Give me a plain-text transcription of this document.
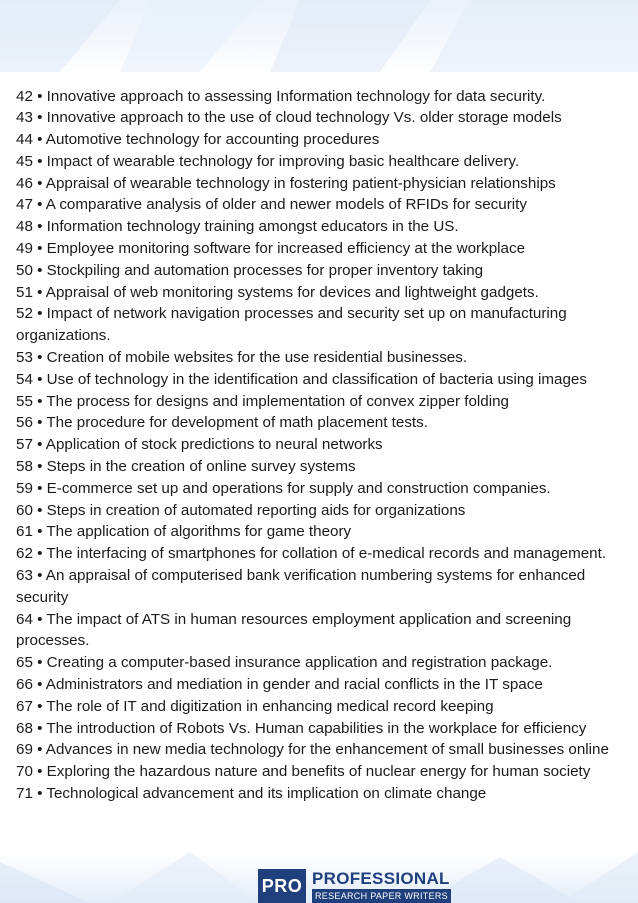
42 • Innovative approach to assessing Information technology for data security.

43 • Innovative approach to the use of cloud technology Vs. older storage models

44 • Automotive technology for accounting procedures

45 • Impact of wearable technology for improving basic healthcare delivery.

46 • Appraisal of wearable technology in fostering patient-physician relationships

47 • A comparative analysis of older and newer models of RFIDs for security

48 • Information technology training amongst educators in the US.

49 • Employee monitoring software for increased efficiency at the workplace

50 • Stockpiling and automation processes for proper inventory taking

51 • Appraisal of web monitoring systems for devices and lightweight gadgets.

52 • Impact of network navigation processes and security set up on manufacturing organizations.

53 • Creation of mobile websites for the use residential businesses.

54 • Use of technology in the identification and classification of bacteria using images

55 • The process for designs and implementation of convex zipper folding

56 • The procedure for development of math placement tests.

57 • Application of stock predictions to neural networks

58 • Steps in the creation of online survey systems

59 • E-commerce set up and operations for supply and construction companies.

60 • Steps in creation of automated reporting aids for organizations

61 • The application of algorithms for game theory

62 • The interfacing of smartphones for collation of e-medical records and management.

63 • An appraisal of computerised bank verification numbering systems for enhanced security

64 • The impact of ATS in human resources employment application and screening processes.

65 • Creating a computer-based insurance application and registration package.

66 • Administrators and mediation in gender and racial conflicts in the IT space

67 • The role of IT and digitization in enhancing medical record keeping

68 • The introduction of Robots Vs. Human capabilities in the workplace for efficiency

69 • Advances in new media technology for the enhancement of small businesses online

70 • Exploring the hazardous nature and benefits of nuclear energy for human society

71 • Technological advancement and its implication on climate change

PRO PROFESSIONAL
RESEARCH PAPER WRITERS
